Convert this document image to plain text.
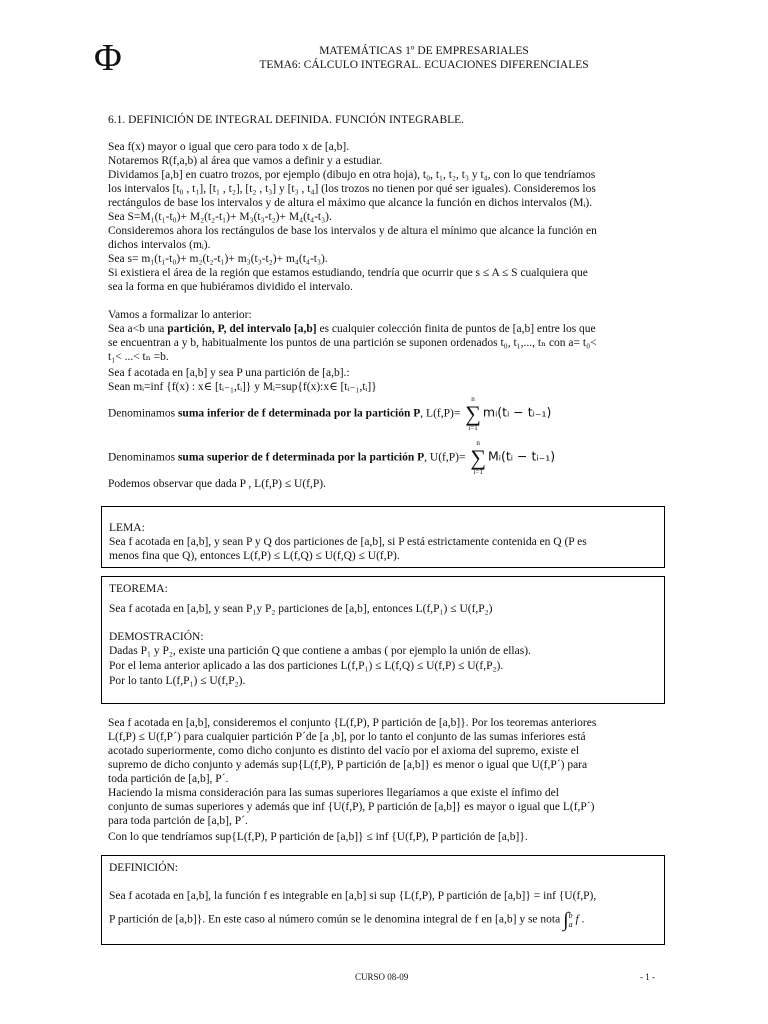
Φ	MATEMÁTICAS 1º DE EMPRESARIALES
TEMA6: CÁLCULO INTEGRAL. ECUACIONES DIFERENCIALES
6.1. DEFINICIÓN DE INTEGRAL DEFINIDA. FUNCIÓN INTEGRABLE.
Sea f(x) mayor o igual que cero para todo x de [a,b].
Notaremos R(f,a,b) al área que vamos a definir y a estudiar.
Dividamos [a,b] en cuatro trozos, por ejemplo (dibujo en otra hoja), t₀, t₁, t₂, t₃ y t₄, con lo que tendríamos
los intervalos [t₀ , t₁], [t₁ , t₂], [t₂ , t₃] y [t₃ , t₄] (los trozos no tienen por qué ser iguales). Consideremos los
rectángulos de base los intervalos y de altura el máximo que alcance la función en dichos intervalos (Mᵢ).
Sea S=M₁(t₁-t₀)+ M₂(t₂-t₁)+ M₃(t₃-t₂)+ M₄(t₄-t₃).
Consideremos ahora los rectángulos de base los intervalos y de altura el mínimo que alcance la función en
dichos intervalos (mᵢ).
Sea s= m₁(t₁-t₀)+ m₂(t₂-t₁)+ m₃(t₃-t₂)+ m₄(t₄-t₃).
Si existiera el área de la región que estamos estudiando, tendría que ocurrir que s ≤ A ≤ S cualquiera que
sea la forma en que hubiéramos dividido el intervalo.
Vamos a formalizar lo anterior:
Sea a<b una partición, P, del intervalo [a,b] es cualquier colección finita de puntos de [a,b] entre los que
se encuentran a y b, habitualmente los puntos de una partición se suponen ordenados t₀, t₁,..., tₙ con a= t₀<
t₁< ...< tₙ =b.
Sea f acotada en [a,b] y sea P una partición de [a,b].:
Sean mᵢ=inf {f(x) : x∈ [tᵢ₋₁,tᵢ]} y Mᵢ=sup{f(x):x∈ [tᵢ₋₁,tᵢ]}
Denominamos suma inferior de f determinada por la partición P, L(f,P)=
n
∑
i=1
mᵢ(tᵢ − tᵢ₋₁)
Denominamos suma superior de f determinada por la partición P, U(f,P)=
n
∑
i=1
Mᵢ(tᵢ − tᵢ₋₁)
Podemos observar que dada P , L(f,P) ≤ U(f,P).
LEMA:
Sea f acotada en [a,b], y sean P y Q dos particiones de [a,b], si P está estrictamente contenida en Q (P es
menos fina que Q), entonces L(f,P) ≤ L(f,Q) ≤ U(f,Q) ≤ U(f,P).
TEOREMA:
Sea f acotada en [a,b], y sean P₁y P₂ particiones de [a,b], entonces L(f,P₁) ≤ U(f,P₂)
DEMOSTRACIÓN:
Dadas P₁ y P₂, existe una partición Q que contiene a ambas ( por ejemplo la unión de ellas).
Por el lema anterior aplicado a las dos particiones L(f,P₁) ≤ L(f,Q) ≤ U(f,P) ≤ U(f,P₂).
Por lo tanto L(f,P₁) ≤ U(f,P₂).
Sea f acotada en [a,b], consideremos el conjunto {L(f,P), P partición de [a,b]}. Por los teoremas anteriores
L(f,P) ≤ U(f,P´) para cualquier partición P´de [a ,b], por lo tanto el conjunto de las sumas inferiores está
acotado superiormente, como dicho conjunto es distinto del vacío por el axioma del supremo, existe el
supremo de dicho conjunto y además sup{L(f,P), P partición de [a,b]} es menor o igual que U(f,P´) para
toda partición de [a,b], P´.
Haciendo la misma consideración para las sumas superiores llegaríamos a que existe el ínfimo del
conjunto de sumas superiores y además que inf {U(f,P), P partición de [a,b]} es mayor o igual que L(f,P´)
para toda partción de [a,b], P´.
Con lo que tendríamos sup{L(f,P), P partición de [a,b]} ≤ inf {U(f,P), P partición de [a,b]}.
DEFINICIÓN:
Sea f acotada en [a,b], la función f es integrable en [a,b] si sup {L(f,P), P partición de [a,b]} = inf {U(f,P),
P partición de [a,b]}. En este caso al número común se le denomina integral de f en [a,b] y se nota ∫b
a f .
CURSO 08-09	- 1 -
